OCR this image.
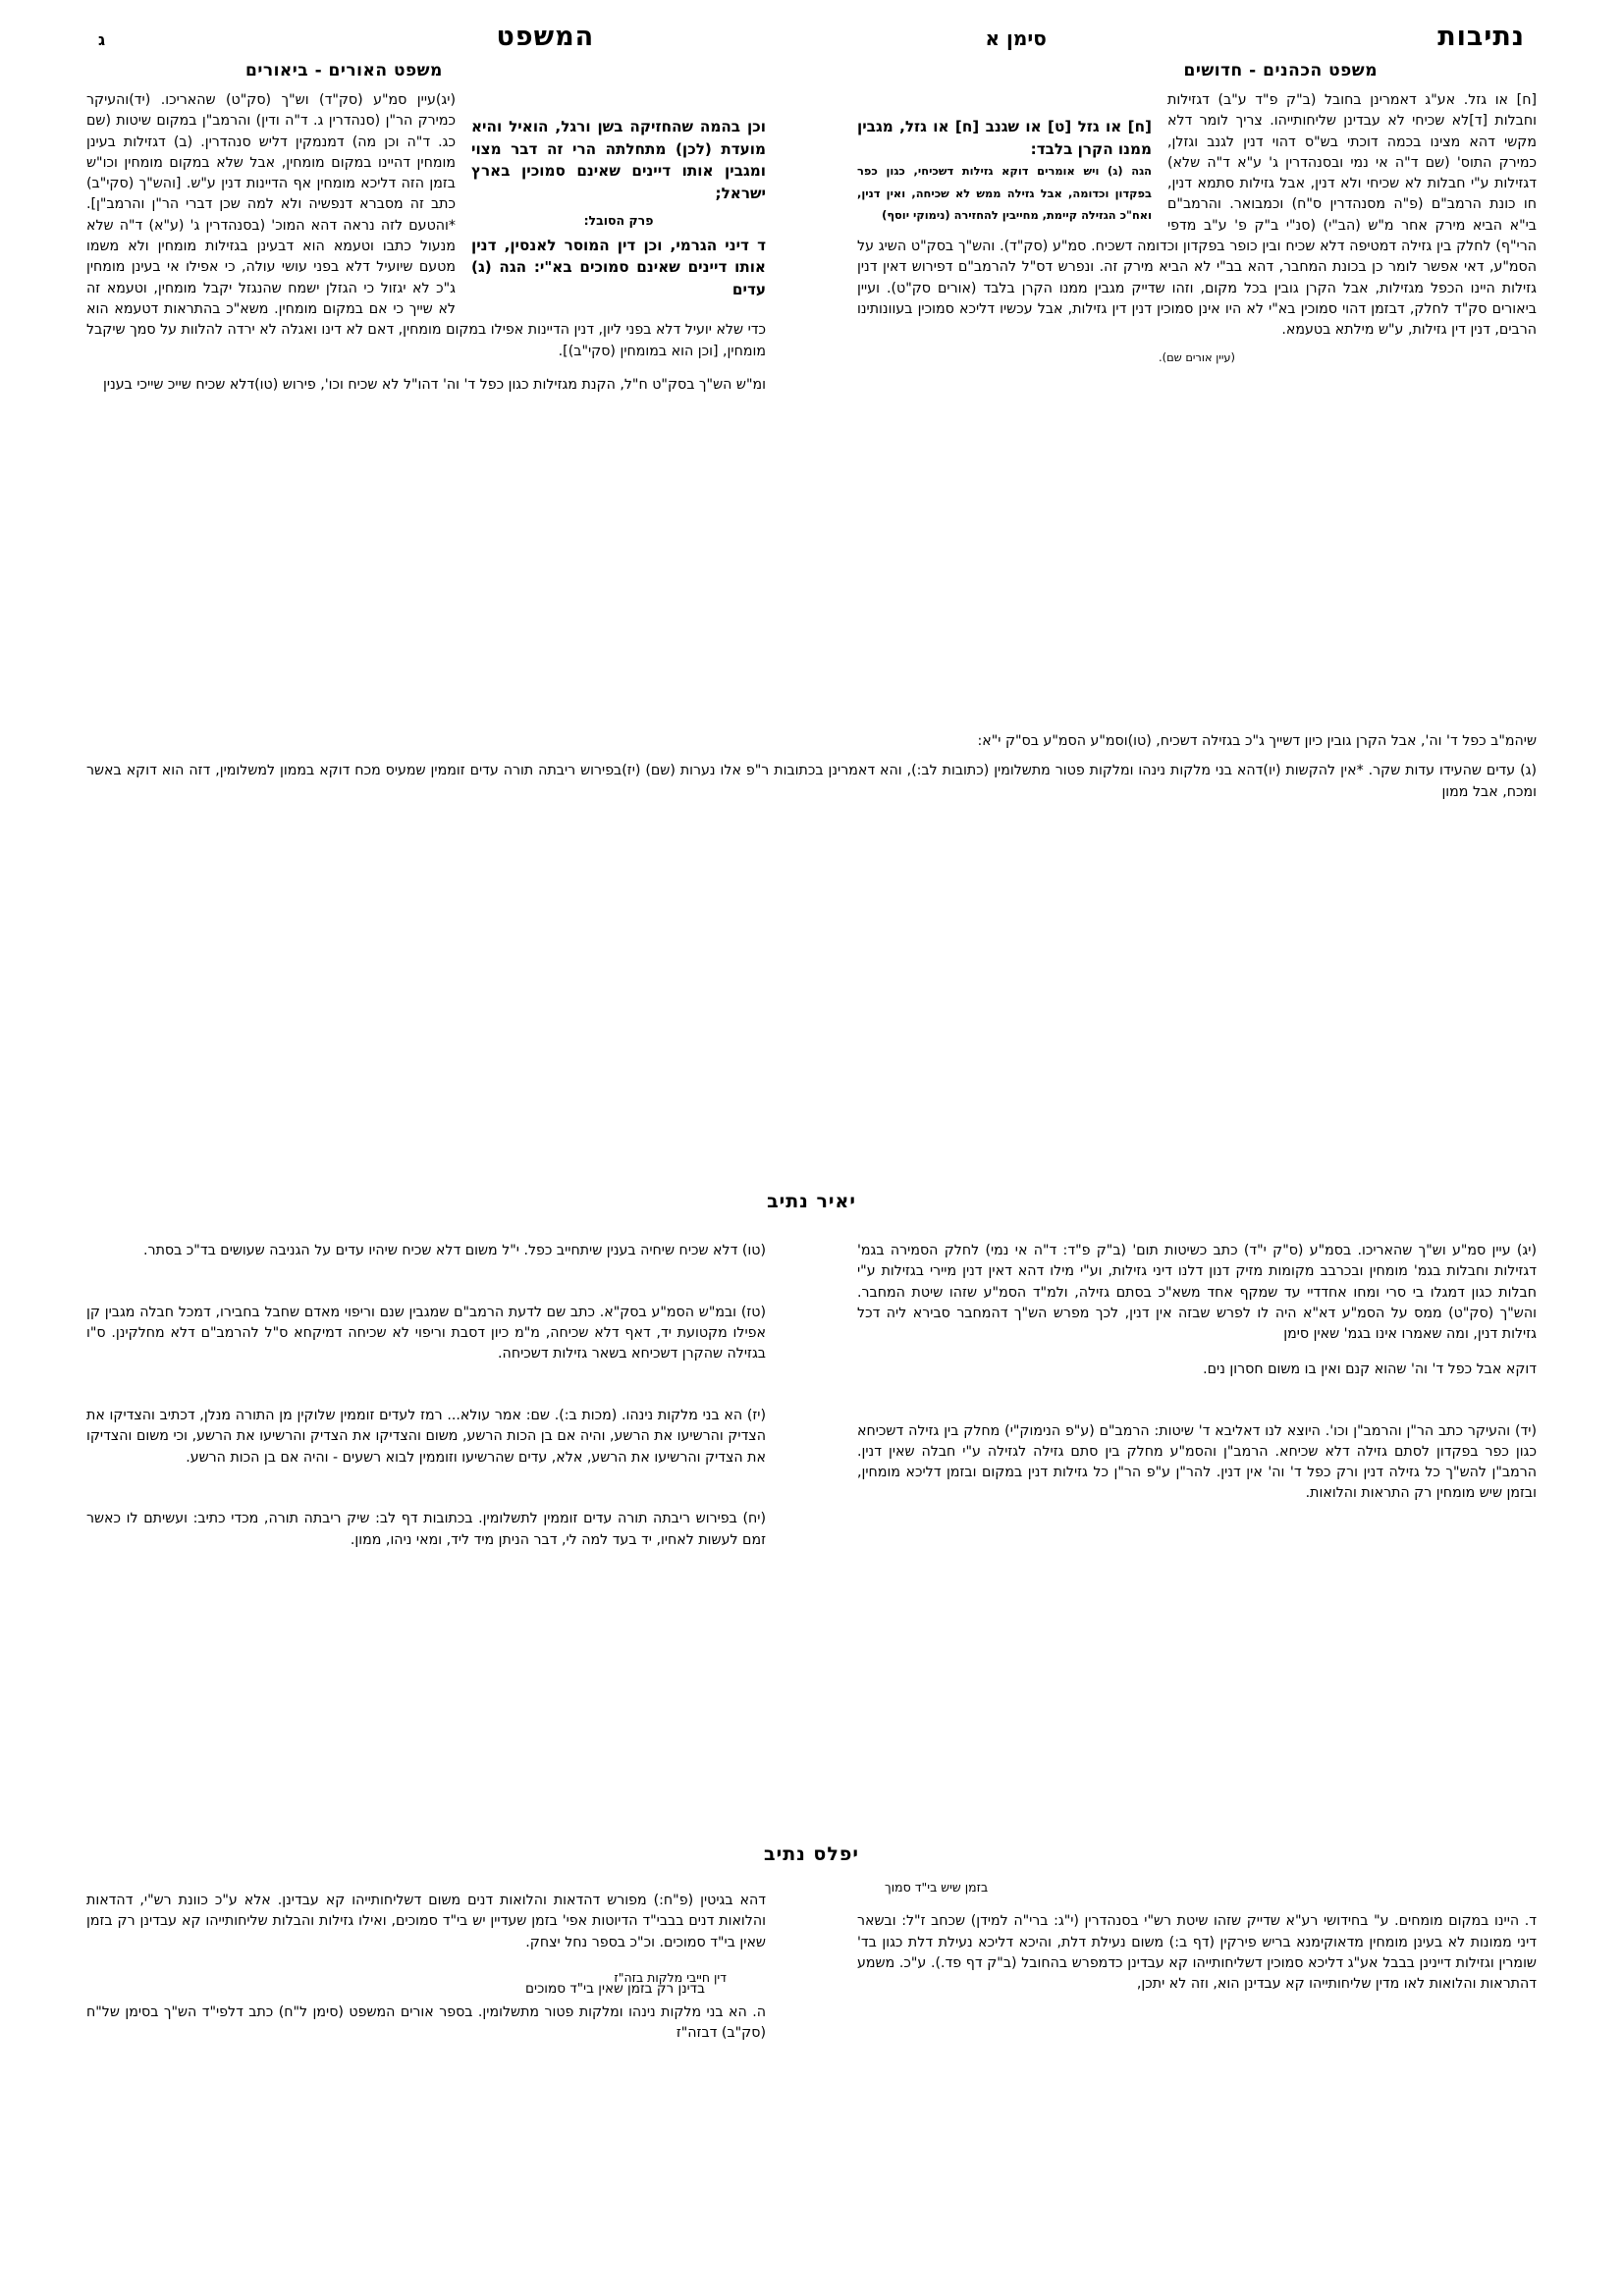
נתיבות
סימן א
המשפט
ג
משפט הכהנים - חדושים
משפט האורים - ביאורים
[ח] או גזל [ט] או שגנב [ח] או גזל, מגבין ממנו הקרן בלבד:
הגה (ג) ויש אומרים דוקא גזילות דשכיחי, כגון כפר בפקדון וכדומה, אבל גזילה ממש לא שכיחה, ואין דנין, ואח"כ הגזילה קיימת, מחייבין להחזירה (נימוקי יוסף)

[ח] או גזל. אע"ג דאמרינן בחובל (ב"ק פ"ד ע"ב) דגזילות וחבלות [ד]לא שכיחי לא עבדינן שליחותייהו. צריך לומר דלא מקשי דהא מצינו בכמה דוכתי בש"ס דהוי דנין לגנב וגזלן, כמירק התוס' (שם ד"ה אי נמי ובסנהדרין ג' ע"א ד"ה שלא) דגזילות ע"י חבלות לא שכיחי ולא דנין, אבל גזילות סתמא דנין, חו כונת הרמב"ם (פ"ה מסנהדרין ס"ח) וכמבואר. והרמב"ם בי"א הביא מירק אחר מ"ש (הב"י) (סנ"י ב"ק פ' ע"ב מדפי הרי"ף) לחלק בין גזילה דמטיפה דלא שכיח ובין כופר בפקדון וכדומה דשכיח. סמ"ע (סק"ד). והש"ך בסק"ט השיג על הסמ"ע, דאי אפשר לומר כן בכונת המחבר, דהא בב"י לא הביא מירק זה. ונפרש דס"ל להרמב"ם דפירוש דאין דנין גזילות היינו הכפל מגזילות, אבל הקרן גובין בכל מקום, וזהו שדייק מגבין ממנו הקרן בלבד (אורים סק"ט). ועיין ביאורים סק"ד לחלק, דבזמן דהוי סמוכין בא"י לא היו אינן סמוכין דנין דין גזילות, אבל עכשיו דליכא סמוכין בעוונותינו הרבים, דנין דין גזילות, ע"ש מילתא בטעמא.

(עיין אורים שם).

וכן בהמה שהחזיקה בשן ורגל, הואיל והיא מועדת (לכן) מתחלתה הרי זה דבר מצוי ומגבין אותו דיינים שאינם סמוכין בארץ ישראל;
פרק הסובל:
ד דיני הגרמי, וכן דין המוסר לאנסין, דנין אותו דיינים שאינם סמוכים בא"י: הגה (ג) עדים

(יג)עיין סמ"ע (סק"ד) וש"ך (סק"ט) שהאריכו. (יד)והעיקר כמירק הר"ן (סנהדרין ג. ד"ה ודין) והרמב"ן במקום שיטות (שם כג. ד"ה וכן מה) דמנמקין דליש סנהדרין. (ב) דגזילות בעינן מומחין דהיינו במקום מומחין, אבל שלא במקום מומחין וכו"ש בזמן הזה דליכא מומחין אף הדיינות דנין ע"ש. [והש"ך (סקי"ב) כתב זה מסברא דנפשיה ולא למה שכן דברי הר"ן והרמב"ן]. *והטעם לזה נראה דהא המוכ' (בסנהדרין ג' (ע"א) ד"ה שלא מנעול כתבו וטעמא הוא דבעינן בגזילות מומחין ולא משמו מטעם שיועיל דלא בפני עושי עולה, כי אפילו אי בעינן מומחין ג"כ לא יגזול כי הגזלן ישמח שהנגזל יקבל מומחין, וטעמא זה לא שייך כי אם במקום מומחין. משא"כ בהתראות דטעמא הוא כדי שלא יועיל דלא בפני ליון, דנין הדיינות אפילו במקום מומחין, דאם לא דינו ואגלה לא ירדה להלוות על סמך שיקבל מומחין, [וכן הוא במומחין (סקי"ב)].

ומ"ש הש"ך בסק"ט ח"ל, הקנת מגזילות כגון כפל ד' וה' דהו"ל לא שכיח וכו', פירוש (טו)דלא שכיח שייכ שייכי בענין

שיהמ"ב כפל ד' וה', אבל הקרן גובין כיון דשייך ג"כ בגזילה דשכיח, (טו)וסמ"ע הסמ"ע בס"ק י"א:
(ג) עדים שהעידו עדות שקר. *אין להקשות (יו)דהא בני מלקות נינהו ומלקות פטור מתשלומין (כתובות לב:), והא דאמרינן בכתובות ר"פ אלו נערות (שם) (יז)בפירוש ריבתה תורה עדים זוממין שמעיס מכח דוקא בממון למשלומין, דזה הוא דוקא באשר ומכח, אבל ממון
יאיר נתיב

(יג) עיין סמ"ע וש"ך שהאריכו. בסמ"ע (ס"ק י"ד) כתב כשיטות תום' (ב"ק פ"ד: ד"ה אי נמי) לחלק הסמירה בגמ' דגזילות וחבלות בגמ' מומחין ובכרבב מקומות מזיק דנון דלנו דיני גזילות, וע"י מילו דהא דאין דנין מיירי בגזילות ע"י חבלות כגון דמגלו בי סרי ומחו אחדדיי עד שמקף אחד משא"כ בסתם גזילה, ולמ"ד הסמ"ע שזהו שיטת המחבר. והש"ך (סק"ט) ממס על הסמ"ע דא"א היה לו לפרש שבזה אין דנין, לכך מפרש הש"ך דהמחבר סבירא ליה דכל גזילות דנין, ומה שאמרו אינו בגמ' שאין סימן

דוקא אבל כפל ד' וה' שהוא קנם ואין בו משום חסרון נים.

(יד) והעיקר כתב הר"ן והרמב"ן וכו'. היוצא לנו דאליבא ד' שיטות: הרמב"ם (ע"פ הנימוק"י) מחלק בין גזילה דשכיחא כגון כפר בפקדון לסתם גזילה דלא שכיחא. הרמב"ן והסמ"ע מחלק בין סתם גזילה לגזילה ע"י חבלה שאין דנין. הרמב"ן להש"ך כל גזילה דנין ורק כפל ד' וה' אין דנין. להר"ן ע"פ הר"ן כל גזילות דנין במקום ובזמן דליכא מומחין, ובזמן שיש מומחין רק התראות והלואות.

(טו) דלא שכיח שיחיה בענין שיתחייב כפל. י"ל משום דלא שכיח שיהיו עדים על הגניבה שעושים בד"כ בסתר.

(טז) ובמ"ש הסמ"ע בסק"א. כתב שם לדעת הרמב"ם שמגבין שנם וריפוי מאדם שחבל בחבירו, דמכל חבלה מגבין קן אפילו מקטועת יד, דאף דלא שכיחה, מ"מ כיון דסבת וריפוי לא שכיחה דמיקחא ס"ל להרמב"ם דלא מחלקינן. ס"ו בגזילה שהקרן דשכיחא בשאר גזילות דשכיחה.

(יז) הא בני מלקות נינהו. (מכות ב:). שם: אמר עולא... רמז לעדים זוממין שלוקין מן התורה מנלן, דכתיב והצדיקו את הצדיק והרשיעו את הרשע, והיה אם בן הכות הרשע, משום והצדיקו את הצדיק והרשיעו את הרשע, וכי משום והצדיקו את הצדיק והרשיעו את הרשע, אלא, עדים שהרשיעו וזוממין לבוא רשעים - והיה אם בן הכות הרשע.

(יח) בפירוש ריבתה תורה עדים זוממין לתשלומין. בכתובות דף לב: שיק ריבתה תורה, מכדי כתיב: ועשיתם לו כאשר זמם לעשות לאחיו, יד בעד למה לי, דבר הניתן מיד ליד, ומאי ניהו, ממון.

יפלס נתיב
בזמן שיש בי"ד סמוך

ד. היינו במקום מומחים. ע" בחידושי רע"א שדייק שזהו שיטת רש"י בסנהדרין (י"ג: ברי"ה למידן) שכחב ז"ל: ובשאר דיני ממונות לא בעינן מומחין מדאוקימנא בריש פירקין (דף ב:) משום נעילת דלת, והיכא דליכא נעילת דלת כגון בד' שומרין וגזילות דיינינן בבבל אע"ג דליכא סמוכין דשליחותייהו קא עבדינן כדמפרש בהחובל (ב"ק דף פד.). ע"כ. משמע דהתראות והלואות לאו מדין שליחותייהו קא עבדינן הוא, וזה לא יתכן,

דהא בגיטין (פ"ח:) מפורש דהדאות והלואות דנים משום דשליחותייהו קא עבדינן. אלא ע"כ כוונת רש"י, דהדאות והלואות דנים בבבי"ד הדיוטות אפי' בזמן שעדיין יש בי"ד סמוכים, ואילו גזילות והבלות שליחותייהו קא עבדינן רק בזמן שאין בי"ד סמוכים. וכ"כ בספר נחל יצחק.

דין חייבי מלקות בזה"ז

ה. הא בני מלקות נינהו ומלקות פטור מתשלומין. בספר אורים המשפט (סימן ל"ח) כתב דלפי"ד הש"ך בסימן של"ח (סק"ב) דבזה"ז

בדינן רק בזמן שאין בי"ד סמוכים
